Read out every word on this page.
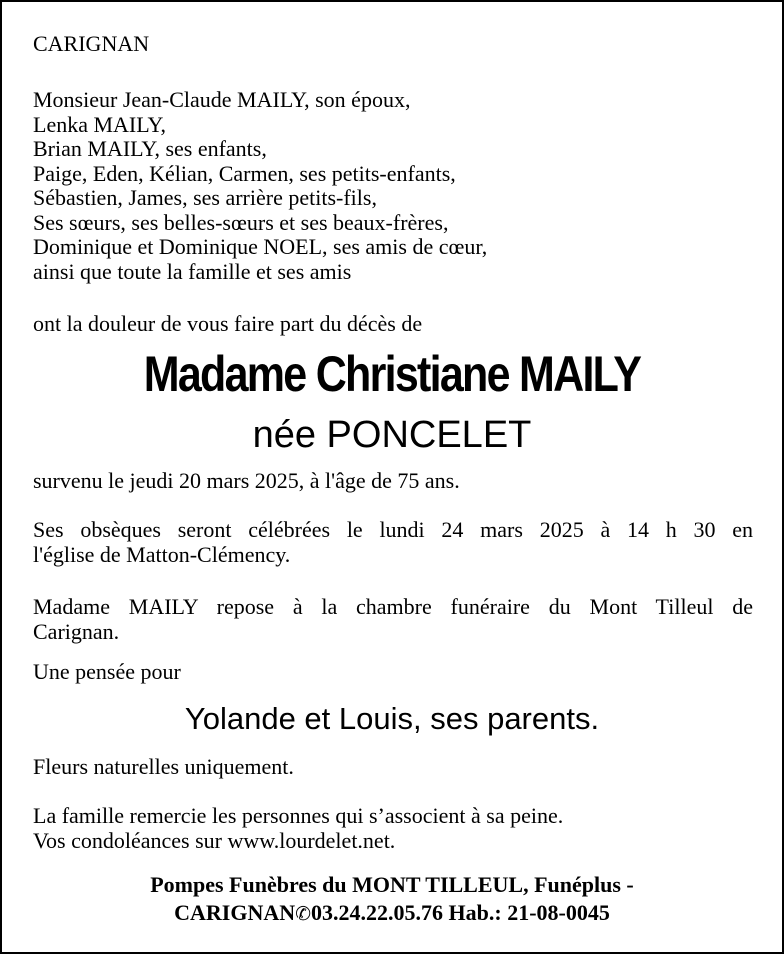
CARIGNAN
Monsieur Jean-Claude MAILY, son époux,
Lenka MAILY,
Brian MAILY, ses enfants,
Paige, Eden, Kélian, Carmen, ses petits-enfants,
Sébastien, James, ses arrière petits-fils,
Ses sœurs, ses belles-sœurs et ses beaux-frères,
Dominique et Dominique NOEL, ses amis de cœur,
ainsi que toute la famille et ses amis
ont la douleur de vous faire part du décès de
Madame Christiane MAILY
née PONCELET
survenu le jeudi 20 mars 2025, à l'âge de 75 ans.
Ses obsèques seront célébrées le lundi 24 mars 2025 à 14 h 30 en
l'église de Matton-Clémency.
Madame MAILY repose à la chambre funéraire du Mont Tilleul de
Carignan.
Une pensée pour
Yolande et Louis, ses parents.
Fleurs naturelles uniquement.
La famille remercie les personnes qui s’associent à sa peine.
Vos condoléances sur www.lourdelet.net.
Pompes Funèbres du MONT TILLEUL, Funéplus -
CARIGNAN✆03.24.22.05.76 Hab.: 21-08-0045
